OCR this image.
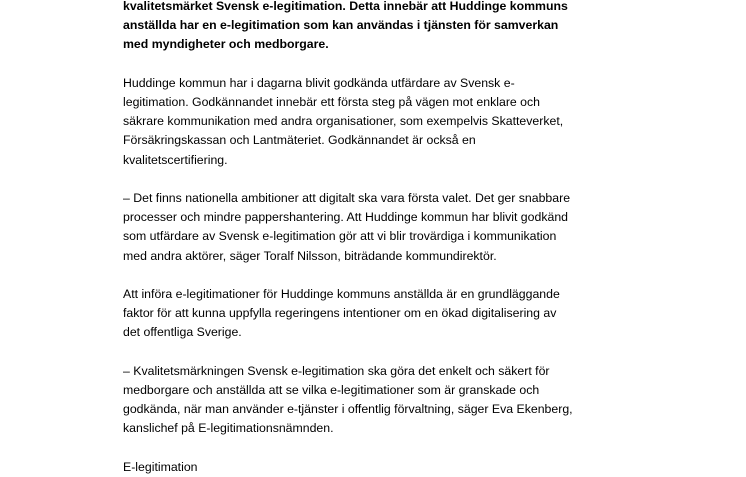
kvalitetsmärket Svensk e-legitimation. Detta innebär att Huddinge kommuns
anställda har en e-legitimation som kan användas i tjänsten för samverkan
med myndigheter och medborgare.

Huddinge kommun har i dagarna blivit godkända utfärdare av Svensk e-
legitimation. Godkännandet innebär ett första steg på vägen mot enklare och
säkrare kommunikation med andra organisationer, som exempelvis Skatteverket,
Försäkringskassan och Lantmäteriet. Godkännandet är också en
kvalitetscertifiering.

– Det finns nationella ambitioner att digitalt ska vara första valet. Det ger snabbare
processer och mindre pappershantering. Att Huddinge kommun har blivit godkänd
som utfärdare av Svensk e-legitimation gör att vi blir trovärdiga i kommunikation
med andra aktörer, säger Toralf Nilsson, biträdande kommundirektör.

Att införa e-legitimationer för Huddinge kommuns anställda är en grundläggande
faktor för att kunna uppfylla regeringens intentioner om en ökad digitalisering av
det offentliga Sverige.

– Kvalitetsmärkningen Svensk e-legitimation ska göra det enkelt och säkert för
medborgare och anställda att se vilka e-legitimationer som är granskade och
godkända, när man använder e-tjänster i offentlig förvaltning, säger Eva Ekenberg,
kanslichef på E-legitimationsnämnden.

E-legitimation
